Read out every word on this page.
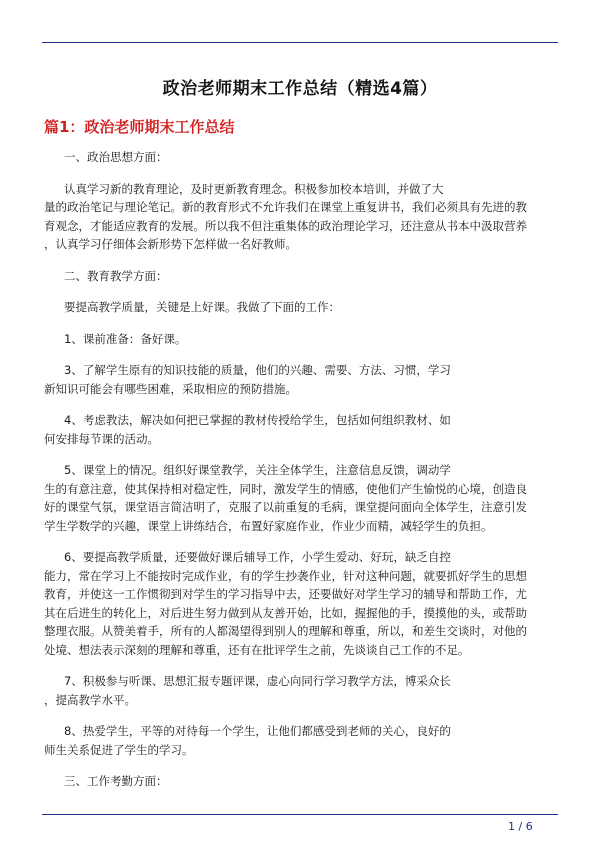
政治老师期末工作总结（精选4篇）
篇1：政治老师期末工作总结
一、政治思想方面：
认真学习新的教育理论，及时更新教育理念。积极参加校本培训，并做了大
量的政治笔记与理论笔记。新的教育形式不允许我们在课堂上重复讲书，我们必须具有先进的教
育观念，才能适应教育的发展。所以我不但注重集体的政治理论学习，还注意从书本中汲取营养
，认真学习仔细体会新形势下怎样做一名好教师。
二、教育教学方面：
要提高教学质量，关键是上好课。我做了下面的工作：
1、课前准备：备好课。
3、了解学生原有的知识技能的质量，他们的兴趣、需要、方法、习惯，学习
新知识可能会有哪些困难，采取相应的预防措施。
4、考虑教法，解决如何把已掌握的教材传授给学生，包括如何组织教材、如
何安排每节课的活动。
5、课堂上的情况。组织好课堂教学，关注全体学生，注意信息反馈，调动学
生的有意注意，使其保持相对稳定性，同时，激发学生的情感，使他们产生愉悦的心境，创造良
好的课堂气氛，课堂语言简洁明了，克服了以前重复的毛病，课堂提问面向全体学生，注意引发
学生学数学的兴趣，课堂上讲练结合，布置好家庭作业，作业少而精，减轻学生的负担。
6、要提高教学质量，还要做好课后辅导工作，小学生爱动、好玩，缺乏自控
能力，常在学习上不能按时完成作业，有的学生抄袭作业，针对这种问题，就要抓好学生的思想
教育，并使这一工作惯彻到对学生的学习指导中去，还要做好对学生学习的辅导和帮助工作，尤
其在后进生的转化上，对后进生努力做到从友善开始，比如，握握他的手，摸摸他的头，或帮助
整理衣服。从赞美着手，所有的人都渴望得到别人的理解和尊重，所以，和差生交谈时，对他的
处境、想法表示深刻的理解和尊重，还有在批评学生之前，先谈谈自己工作的不足。
7、积极参与听课、思想汇报专题评课，虚心向同行学习教学方法，博采众长
，提高教学水平。
8、热爱学生，平等的对待每一个学生，让他们都感受到老师的关心，良好的
师生关系促进了学生的学习。
三、工作考勤方面：
1 / 6
